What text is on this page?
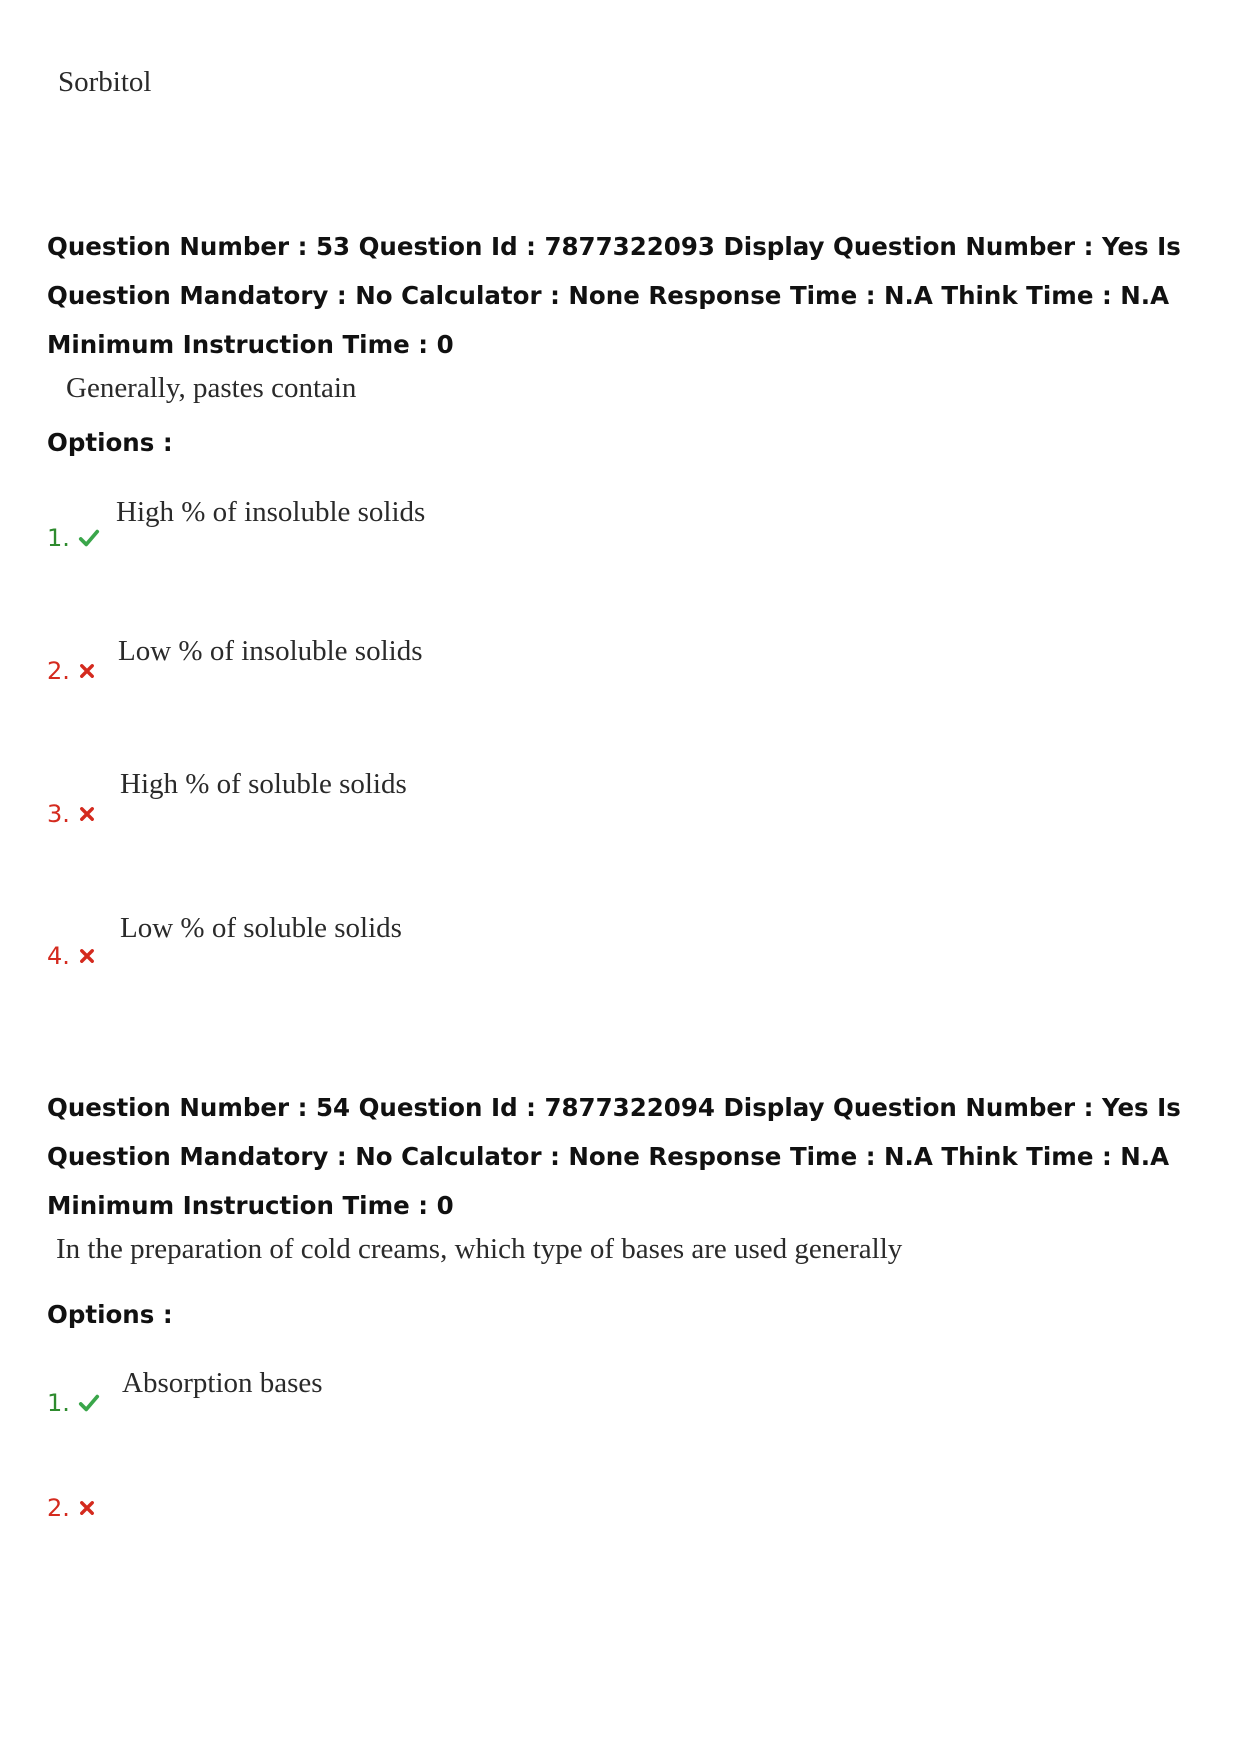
Sorbitol
Question Number : 53 Question Id : 7877322093 Display Question Number : Yes Is Question Mandatory : No Calculator : None Response Time : N.A Think Time : N.A Minimum Instruction Time : 0
Generally, pastes contain
Options :
High % of insoluble solids
1.
Low % of insoluble solids
2.
High % of soluble solids
3.
Low % of soluble solids
4.
Question Number : 54 Question Id : 7877322094 Display Question Number : Yes Is Question Mandatory : No Calculator : None Response Time : N.A Think Time : N.A Minimum Instruction Time : 0
In the preparation of cold creams, which type of bases are used generally
Options :
Absorption bases
1.
2.
